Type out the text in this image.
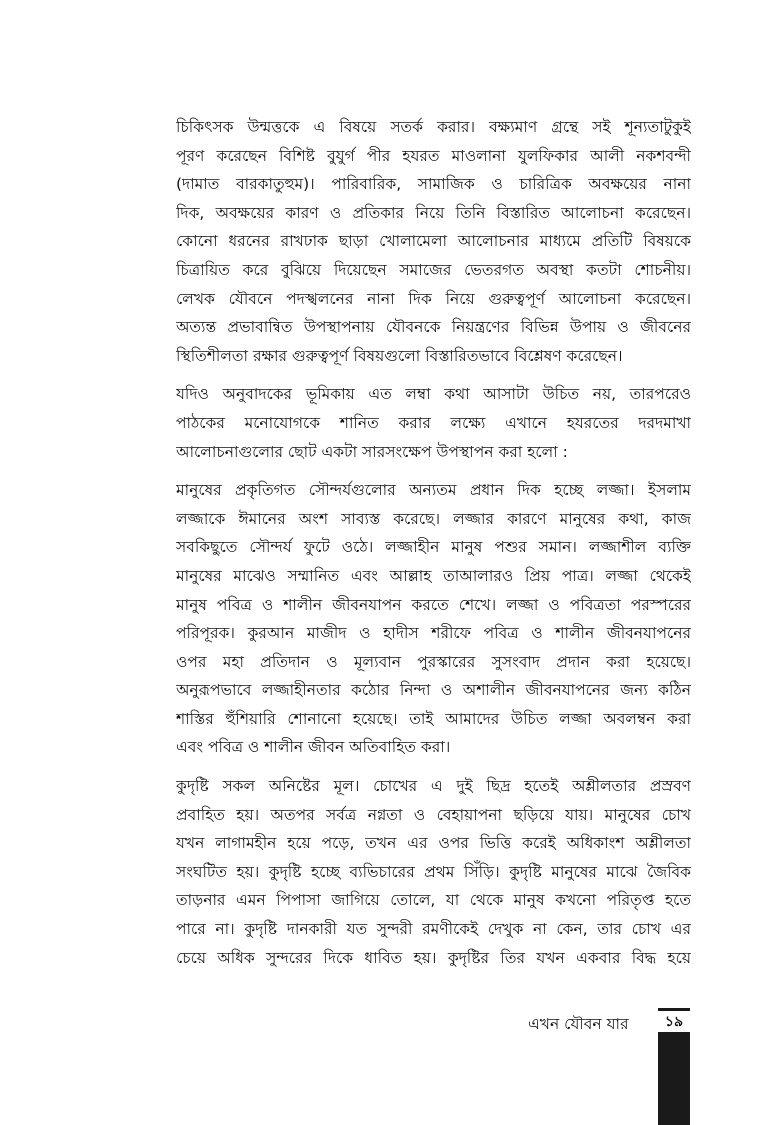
চিকিৎসক উন্মত্তকে এ বিষয়ে সতর্ক করার। বক্ষ্যমাণ গ্রন্থে সই শূন্যতাটুকুই
পূরণ করেছেন বিশিষ্ট বুযুর্গ পীর হযরত মাওলানা যুলফিকার আলী নকশবন্দী
(দামাত বারকাতুহুম)। পারিবারিক, সামাজিক ও চারিত্রিক অবক্ষয়ের নানা
দিক, অবক্ষয়ের কারণ ও প্রতিকার নিয়ে তিনি বিস্তারিত আলোচনা করেছেন।
কোনো ধরনের রাখঢাক ছাড়া খোলামেলা আলোচনার মাধ্যমে প্রতিটি বিষয়কে
চিত্রায়িত করে বুঝিয়ে দিয়েছেন সমাজের ভেতরগত অবস্থা কতটা শোচনীয়।
লেখক যৌবনে পদস্খলনের নানা দিক নিয়ে গুরুত্বপূর্ণ আলোচনা করেছেন।
অত্যন্ত প্রভাবান্বিত উপস্থাপনায় যৌবনকে নিয়ন্ত্রণের বিভিন্ন উপায় ও জীবনের
স্থিতিশীলতা রক্ষার গুরুত্বপূর্ণ বিষয়গুলো বিস্তারিতভাবে বিশ্লেষণ করেছেন।
যদিও অনুবাদকের ভূমিকায় এত লম্বা কথা আসাটা উচিত নয়, তারপরেও
পাঠকের মনোযোগকে শানিত করার লক্ষ্যে এখানে হযরতের দরদমাখা
আলোচনাগুলোর ছোট একটা সারসংক্ষেপ উপস্থাপন করা হলো :
মানুষের প্রকৃতিগত সৌন্দর্যগুলোর অন্যতম প্রধান দিক হচ্ছে লজ্জা। ইসলাম
লজ্জাকে ঈমানের অংশ সাব্যস্ত করেছে। লজ্জার কারণে মানুষের কথা, কাজ
সবকিছুতে সৌন্দর্য ফুটে ওঠে। লজ্জাহীন মানুষ পশুর সমান। লজ্জাশীল ব্যক্তি
মানুষের মাঝেও সম্মানিত এবং আল্লাহ তাআলারও প্রিয় পাত্র। লজ্জা থেকেই
মানুষ পবিত্র ও শালীন জীবনযাপন করতে শেখে। লজ্জা ও পবিত্রতা পরস্পরের
পরিপূরক। কুরআন মাজীদ ও হাদীস শরীফে পবিত্র ও শালীন জীবনযাপনের
ওপর মহা প্রতিদান ও মূল্যবান পুরস্কারের সুসংবাদ প্রদান করা হয়েছে।
অনুরূপভাবে লজ্জাহীনতার কঠোর নিন্দা ও অশালীন জীবনযাপনের জন্য কঠিন
শাস্তির হুঁশিয়ারি শোনানো হয়েছে। তাই আমাদের উচিত লজ্জা অবলম্বন করা
এবং পবিত্র ও শালীন জীবন অতিবাহিত করা।
কুদৃষ্টি সকল অনিষ্টের মূল। চোখের এ দুই ছিদ্র হতেই অশ্লীলতার প্রস্রবণ
প্রবাহিত হয়। অতপর সর্বত্র নগ্নতা ও বেহায়াপনা ছড়িয়ে যায়। মানুষের চোখ
যখন লাগামহীন হয়ে পড়ে, তখন এর ওপর ভিত্তি করেই অধিকাংশ অশ্লীলতা
সংঘটিত হয়। কুদৃষ্টি হচ্ছে ব্যভিচারের প্রথম সিঁড়ি। কুদৃষ্টি মানুষের মাঝে জৈবিক
তাড়নার এমন পিপাসা জাগিয়ে তোলে, যা থেকে মানুষ কখনো পরিতৃপ্ত হতে
পারে না। কুদৃষ্টি দানকারী যত সুন্দরী রমণীকেই দেখুক না কেন, তার চোখ এর
চেয়ে অধিক সুন্দরের দিকে ধাবিত হয়। কুদৃষ্টির তির যখন একবার বিদ্ধ হয়ে
এখন যৌবন যার	১৯
